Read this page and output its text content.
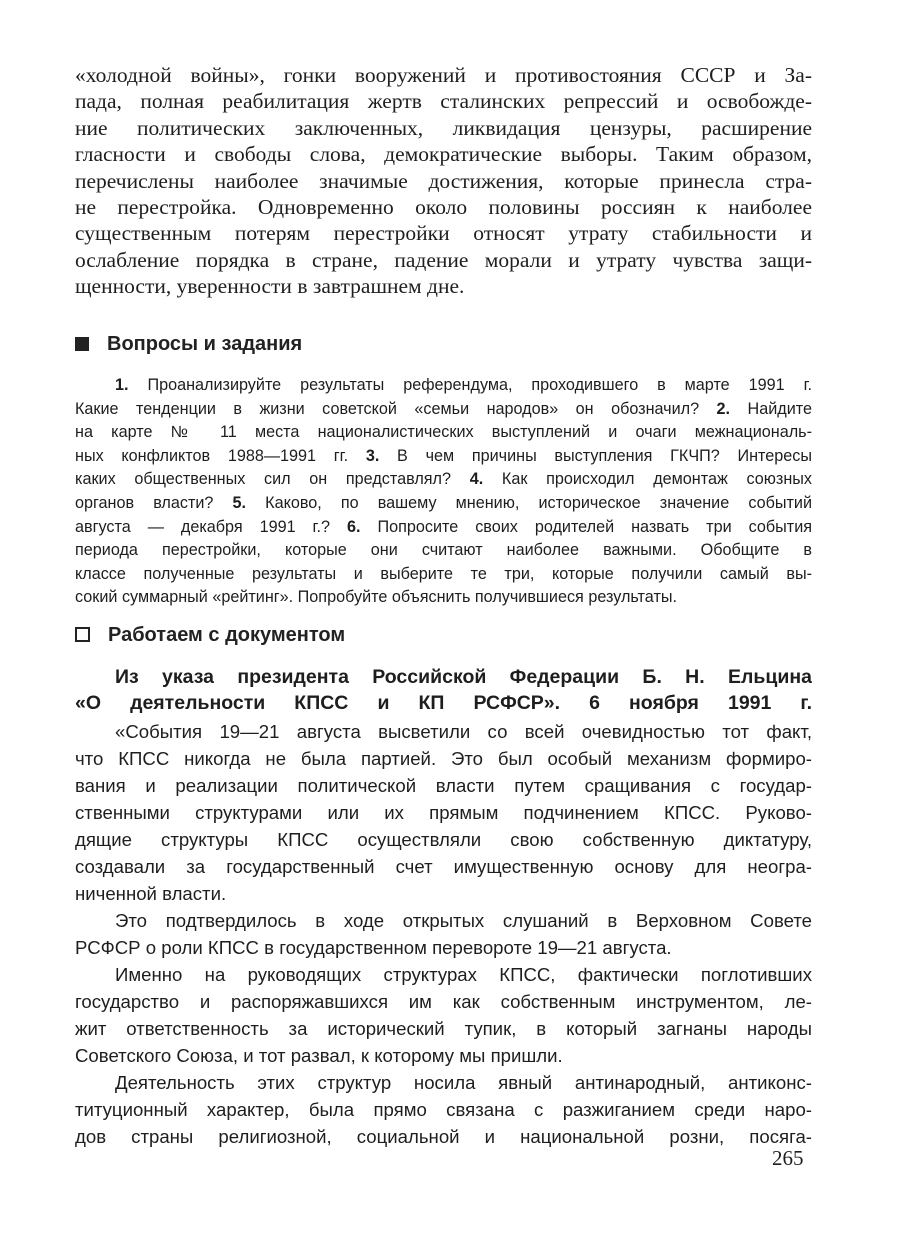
«холодной войны», гонки вооружений и противостояния СССР и За-
пада, полная реабилитация жертв сталинских репрессий и освобожде-
ние политических заключенных, ликвидация цензуры, расширение
гласности и свободы слова, демократические выборы. Таким образом,
перечислены наиболее значимые достижения, которые принесла стра-
не перестройка. Одновременно около половины россиян к наиболее
существенным потерям перестройки относят утрату стабильности и
ослабление порядка в стране, падение морали и утрату чувства защи-
щенности, уверенности в завтрашнем дне.
Вопросы и задания
1. Проанализируйте результаты референдума, проходившего в марте 1991 г.
Какие тенденции в жизни советской «семьи народов» он обозначил? 2. Найдите
на карте № 11 места националистических выступлений и очаги межнациональ-
ных конфликтов 1988—1991 гг. 3. В чем причины выступления ГКЧП? Интересы
каких общественных сил он представлял? 4. Как происходил демонтаж союзных
органов власти? 5. Каково, по вашему мнению, историческое значение событий
августа — декабря 1991 г.? 6. Попросите своих родителей назвать три события
периода перестройки, которые они считают наиболее важными. Обобщите в
классе полученные результаты и выберите те три, которые получили самый вы-
сокий суммарный «рейтинг». Попробуйте объяснить получившиеся результаты.
Работаем с документом
Из указа президента Российской Федерации Б. Н. Ельцина
«О деятельности КПСС и КП РСФСР». 6 ноября 1991 г.
«События 19—21 августа высветили со всей очевидностью тот факт,
что КПСС никогда не была партией. Это был особый механизм формиро-
вания и реализации политической власти путем сращивания с государ-
ственными структурами или их прямым подчинением КПСС. Руково-
дящие структуры КПСС осуществляли свою собственную диктатуру,
создавали за государственный счет имущественную основу для неогра-
ниченной власти.
Это подтвердилось в ходе открытых слушаний в Верховном Совете
РСФСР о роли КПСС в государственном перевороте 19—21 августа.
Именно на руководящих структурах КПСС, фактически поглотивших
государство и распоряжавшихся им как собственным инструментом, ле-
жит ответственность за исторический тупик, в который загнаны народы
Советского Союза, и тот развал, к которому мы пришли.
Деятельность этих структур носила явный антинародный, антиконс-
титуционный характер, была прямо связана с разжиганием среди наро-
дов страны религиозной, социальной и национальной розни, посяга-
265
